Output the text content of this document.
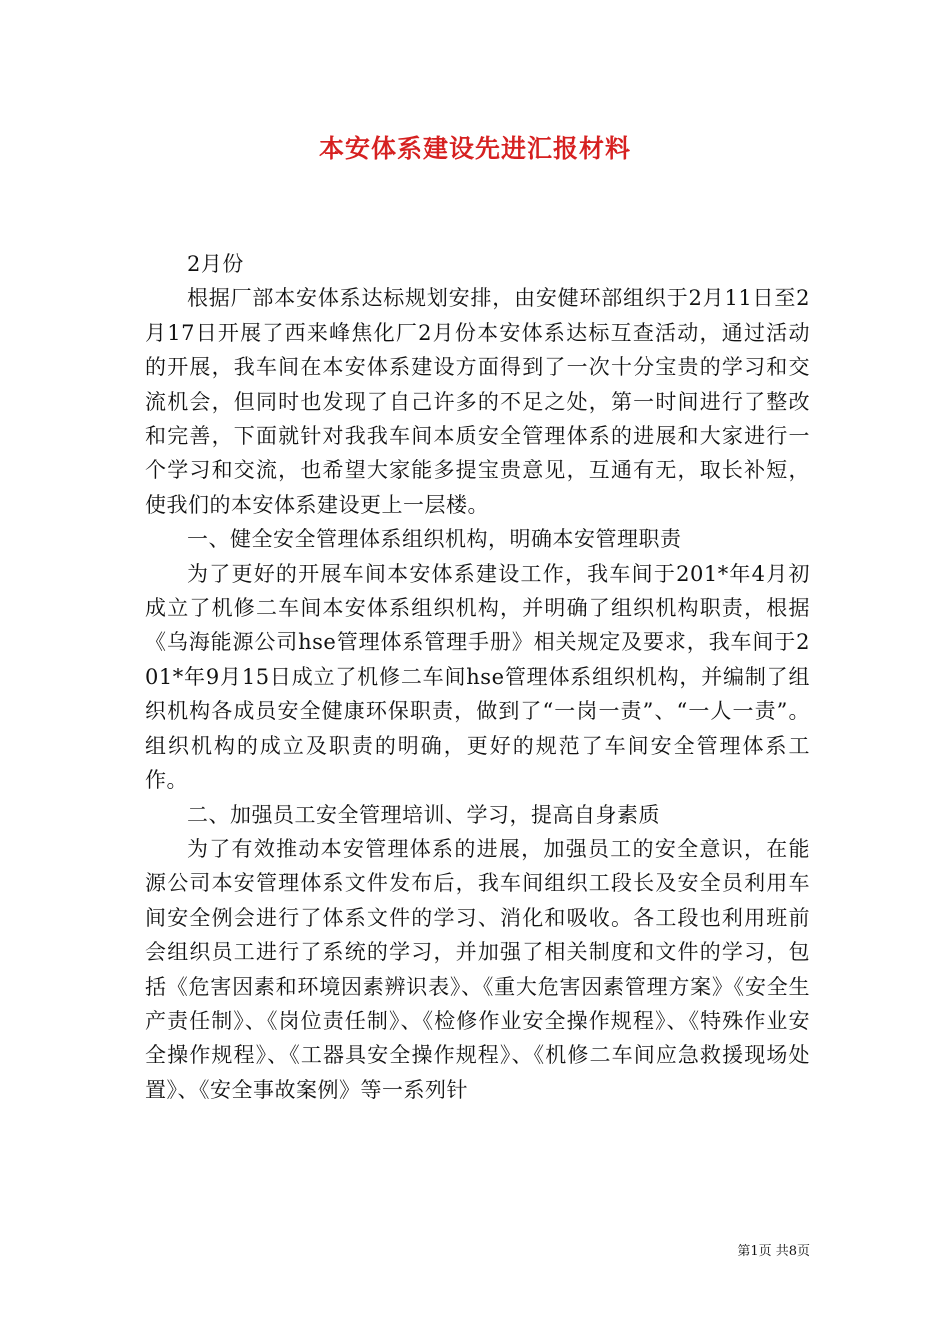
本安体系建设先进汇报材料

2月份

根据厂部本安体系达标规划安排，由安健环部组织于2月11日至2月17日开展了西来峰焦化厂2月份本安体系达标互查活动，通过活动的开展，我车间在本安体系建设方面得到了一次十分宝贵的学习和交流机会，但同时也发现了自己许多的不足之处，第一时间进行了整改和完善，下面就针对我我车间本质安全管理体系的进展和大家进行一个学习和交流，也希望大家能多提宝贵意见，互通有无，取长补短，使我们的本安体系建设更上一层楼。

一、健全安全管理体系组织机构，明确本安管理职责

为了更好的开展车间本安体系建设工作，我车间于201*年4月初成立了机修二车间本安体系组织机构，并明确了组织机构职责，根据《乌海能源公司hse管理体系管理手册》相关规定及要求，我车间于201*年9月15日成立了机修二车间hse管理体系组织机构，并编制了组织机构各成员安全健康环保职责，做到了“一岗一责”、“一人一责”。组织机构的成立及职责的明确，更好的规范了车间安全管理体系工作。

二、加强员工安全管理培训、学习，提高自身素质

为了有效推动本安管理体系的进展，加强员工的安全意识，在能源公司本安管理体系文件发布后，我车间组织工段长及安全员利用车间安全例会进行了体系文件的学习、消化和吸收。各工段也利用班前会组织员工进行了系统的学习，并加强了相关制度和文件的学习，包括《危害因素和环境因素辨识表》、《重大危害因素管理方案》《安全生产责任制》、《岗位责任制》、《检修作业安全操作规程》、《特殊作业安全操作规程》、《工器具安全操作规程》、《机修二车间应急救援现场处置》、《安全事故案例》等一系列针

第1页 共8页
